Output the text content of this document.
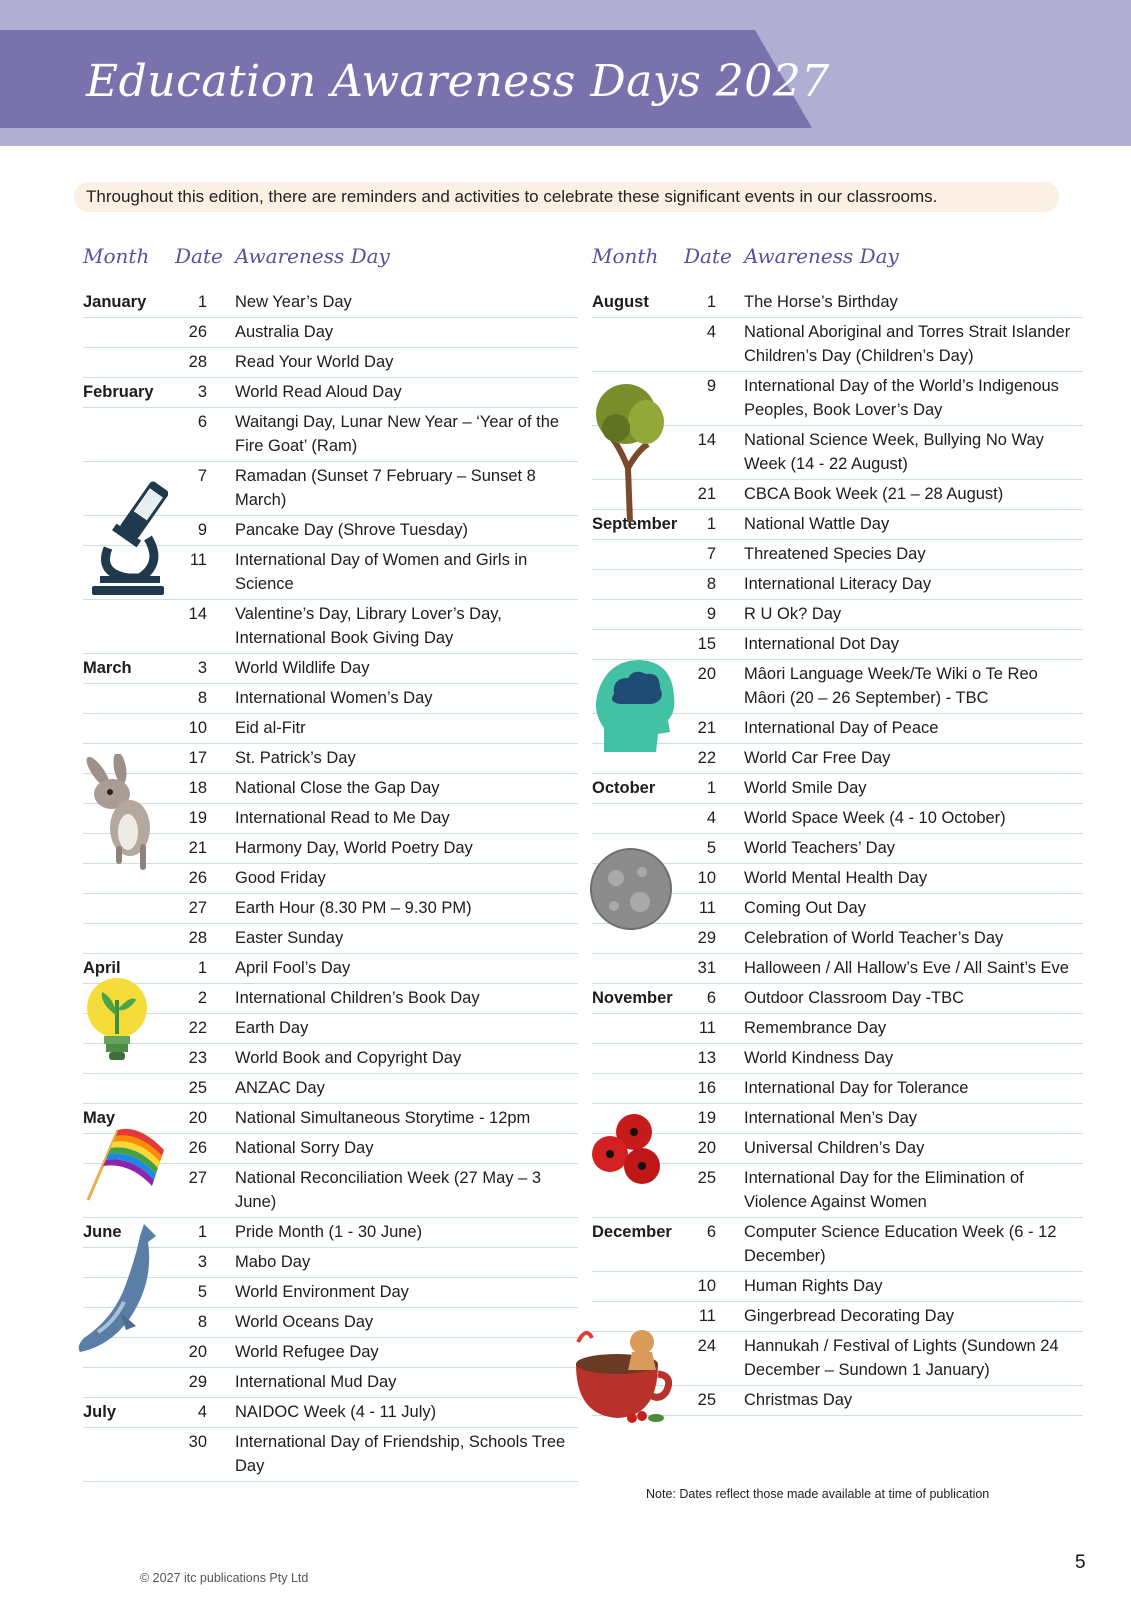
Education Awareness Days 2027
Throughout this edition, there are reminders and activities to celebrate these significant events in our classrooms.
Month Date Awareness Day
January	1 New Year’s Day
26 Australia Day
28 Read Your World Day
February	3 World Read Aloud Day
6 Waitangi Day, Lunar New Year – ‘Year of the Fire Goat’ (Ram)
7 Ramadan (Sunset 7 February – Sunset 8 March)
9 Pancake Day (Shrove Tuesday)
11 International Day of Women and Girls in Science
14 Valentine’s Day, Library Lover’s Day, International Book Giving Day
March	3 World Wildlife Day
8 International Women’s Day
10 Eid al-Fitr
17 St. Patrick’s Day
18 National Close the Gap Day
19 International Read to Me Day
21 Harmony Day, World Poetry Day
26 Good Friday
27 Earth Hour (8.30 PM – 9.30 PM)
28 Easter Sunday
April	1 April Fool’s Day
2 International Children’s Book Day
22 Earth Day
23 World Book and Copyright Day
25 ANZAC Day
May	20 National Simultaneous Storytime - 12pm
26 National Sorry Day
27 National Reconciliation Week (27 May – 3 June)
June	1 Pride Month (1 - 30 June)
3 Mabo Day
5 World Environment Day
8 World Oceans Day
20 World Refugee Day
29 International Mud Day
July	4 NAIDOC Week (4 - 11 July)
30 International Day of Friendship, Schools Tree Day
Month Date Awareness Day
August	1 The Horse’s Birthday
4 National Aboriginal and Torres Strait Islander Children’s Day (Children’s Day)
9 International Day of the World’s Indigenous Peoples, Book Lover’s Day
14 National Science Week, Bullying No Way Week (14 - 22 August)
21 CBCA Book Week (21 – 28 August)
September	1 National Wattle Day
7 Threatened Species Day
8 International Literacy Day
9 R U Ok? Day
15 International Dot Day
20 Mâori Language Week/Te Wiki o Te Reo Mâori (20 – 26 September) - TBC
21 International Day of Peace
22 World Car Free Day
October	1 World Smile Day
4 World Space Week (4 - 10 October)
5 World Teachers’ Day
10 World Mental Health Day
11 Coming Out Day
29 Celebration of World Teacher’s Day
31 Halloween / All Hallow’s Eve / All Saint’s Eve
November	6 Outdoor Classroom Day -TBC
11 Remembrance Day
13 World Kindness Day
16 International Day for Tolerance
19 International Men’s Day
20 Universal Children’s Day
25 International Day for the Elimination of Violence Against Women
December	6 Computer Science Education Week (6 - 12 December)
10 Human Rights Day
11 Gingerbread Decorating Day
24 Hannukah / Festival of Lights (Sundown 24 December – Sundown 1 January)
25 Christmas Day
Note: Dates reflect those made available at time of publication
© 2027 itc publications Pty Ltd
5
